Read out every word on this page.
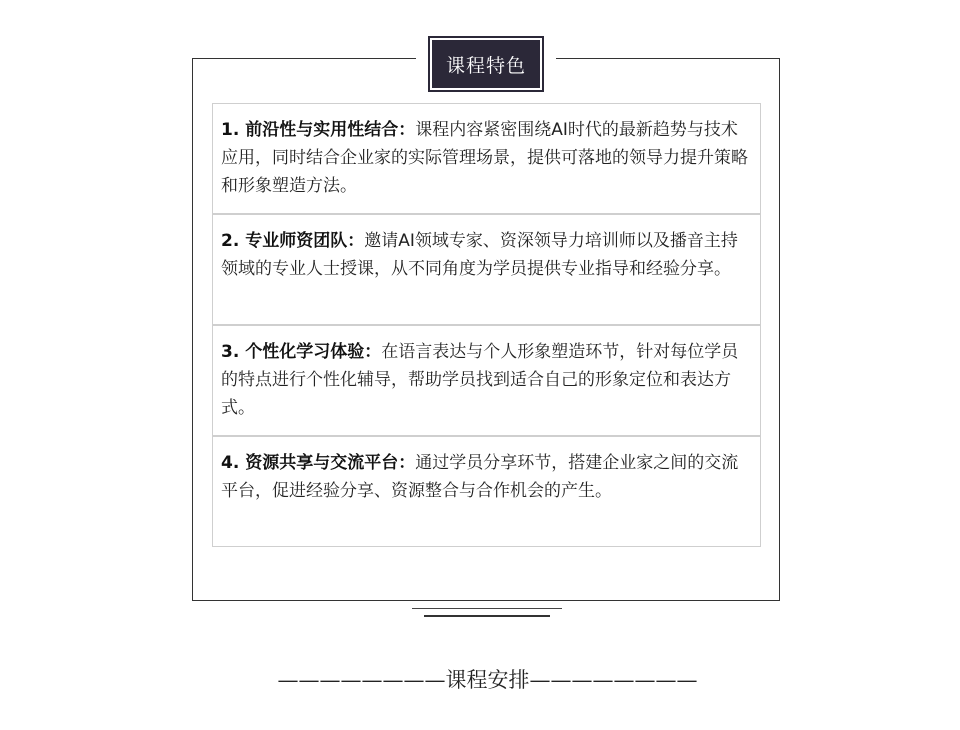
课程特色
1. 前沿性与实用性结合：课程内容紧密围绕AI时代的最新趋势与技术应用，同时结合企业家的实际管理场景，提供可落地的领导力提升策略和形象塑造方法。
2. 专业师资团队：邀请AI领域专家、资深领导力培训师以及播音主持领域的专业人士授课，从不同角度为学员提供专业指导和经验分享。
3. 个性化学习体验：在语言表达与个人形象塑造环节，针对每位学员的特点进行个性化辅导，帮助学员找到适合自己的形象定位和表达方式。
4. 资源共享与交流平台：通过学员分享环节，搭建企业家之间的交流平台，促进经验分享、资源整合与合作机会的产生。
————————课程安排————————
